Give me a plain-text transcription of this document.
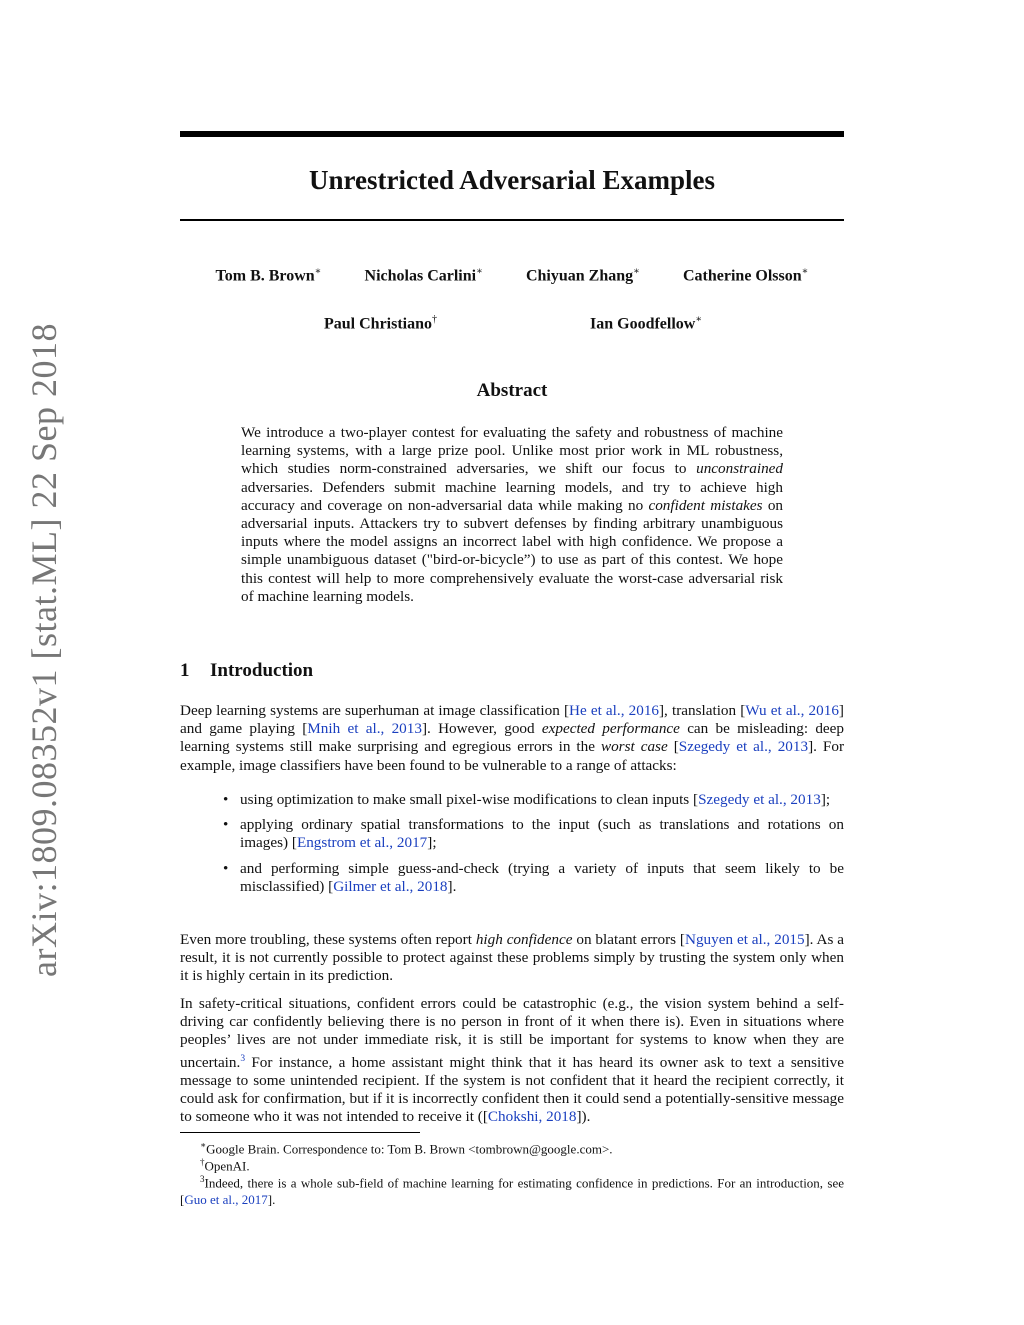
arXiv:1809.08352v1 [stat.ML] 22 Sep 2018
Unrestricted Adversarial Examples
Tom B. Brown∗	Nicholas Carlini∗	Chiyuan Zhang∗	Catherine Olsson∗
Paul Christiano†	Ian Goodfellow∗
Abstract

We introduce a two-player contest for evaluating the safety and robustness of machine learning systems, with a large prize pool. Unlike most prior work in ML robustness, which studies norm-constrained adversaries, we shift our focus to unconstrained adversaries. Defenders submit machine learning models, and try to achieve high accuracy and coverage on non-adversarial data while making no confident mistakes on adversarial inputs. Attackers try to subvert defenses by finding arbitrary unambiguous inputs where the model assigns an incorrect label with high confidence. We propose a simple unambiguous dataset ("bird-or-bicycle”) to use as part of this contest. We hope this contest will help to more comprehensively evaluate the worst-case adversarial risk of machine learning models.

1 Introduction

Deep learning systems are superhuman at image classification [He et al., 2016], translation [Wu et al., 2016] and game playing [Mnih et al., 2013]. However, good expected performance can be misleading: deep learning systems still make surprising and egregious errors in the worst case [Szegedy et al., 2013]. For example, image classifiers have been found to be vulnerable to a range of attacks:

• using optimization to make small pixel-wise modifications to clean inputs [Szegedy et al., 2013];
• applying ordinary spatial transformations to the input (such as translations and rotations on images) [Engstrom et al., 2017];
• and performing simple guess-and-check (trying a variety of inputs that seem likely to be misclassified) [Gilmer et al., 2018].

Even more troubling, these systems often report high confidence on blatant errors [Nguyen et al., 2015]. As a result, it is not currently possible to protect against these problems simply by trusting the system only when it is highly certain in its prediction.

In safety-critical situations, confident errors could be catastrophic (e.g., the vision system behind a self-driving car confidently believing there is no person in front of it when there is). Even in situations where peoples’ lives are not under immediate risk, it is still be important for systems to know when they are uncertain.$^3$ For instance, a home assistant might think that it has heard its owner ask to text a sensitive message to some unintended recipient. If the system is not confident that it heard the recipient correctly, it could ask for confirmation, but if it is incorrectly confident then it could send a potentially-sensitive message to someone who it was not intended to receive it ([Chokshi, 2018]).

∗Google Brain. Correspondence to: Tom B. Brown <tombrown@google.com>.

†OpenAI.

$^3$Indeed, there is a whole sub-field of machine learning for estimating confidence in predictions. For an introduction, see [Guo et al., 2017].
